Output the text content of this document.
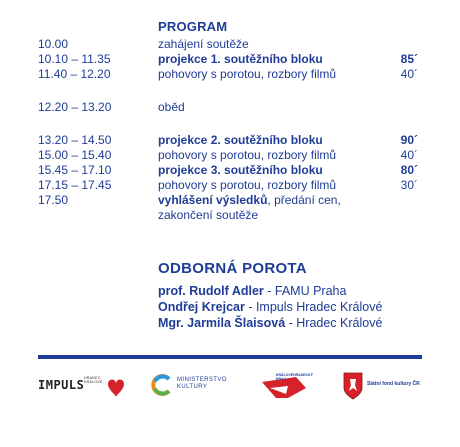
PROGRAM
10.00	zahájení soutěže
10.10 – 11.35	projekce 1. soutěžního bloku	85´
11.40 – 12.20	pohovory s porotou, rozbory filmů	40´
12.20 – 13.20	oběd
13.20 – 14.50	projekce 2. soutěžního bloku	90´
15.00 – 15.40	pohovory s porotou, rozbory filmů	40´
15.45 – 17.10	projekce 3. soutěžního bloku	80´
17.15 – 17.45	pohovory s porotou, rozbory filmů	30´
17.50	vyhlášení výsledků, předání cen, zakončení soutěže
ODBORNÁ POROTA
prof. Rudolf Adler - FAMU Praha
Ondřej Krejcar - Impuls Hradec Králové
Mgr. Jarmila Šlaisová - Hradec Králové
IMPULS HRADEC KRÁLOVÉ	MINISTERSTVO
KULTURY
KRÁLOVÉHRADECKÝ
KRAJ
Státní fond kultury ČR
